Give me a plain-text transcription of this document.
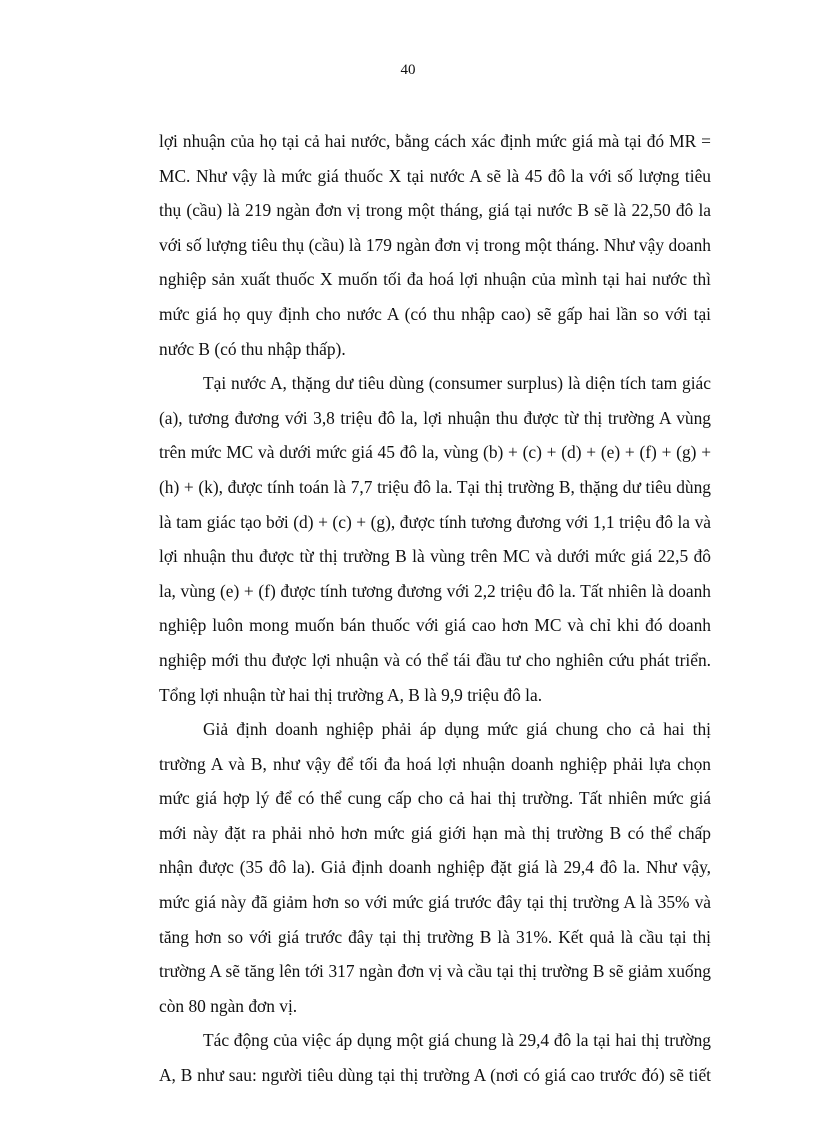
40

lợi nhuận của họ tại cả hai nước, bằng cách xác định mức giá mà tại đó MR = MC. Như vậy là mức giá thuốc X tại nước A sẽ là 45 đô la với số lượng tiêu thụ (cầu) là 219 ngàn đơn vị trong một tháng, giá tại nước B sẽ là 22,50 đô la với số lượng tiêu thụ (cầu) là 179 ngàn đơn vị trong một tháng. Như vậy doanh nghiệp sản xuất thuốc X muốn tối đa hoá lợi nhuận của mình tại hai nước thì mức giá họ quy định cho nước A (có thu nhập cao) sẽ gấp hai lần so với tại nước B (có thu nhập thấp).

Tại nước A, thặng dư tiêu dùng (consumer surplus) là diện tích tam giác (a), tương đương với 3,8 triệu đô la, lợi nhuận thu được từ thị trường A vùng trên mức MC và dưới mức giá 45 đô la, vùng (b) + (c) + (d) + (e) + (f) + (g) + (h) + (k), được tính toán là 7,7 triệu đô la. Tại thị trường B, thặng dư tiêu dùng là tam giác tạo bởi (d) + (c) + (g), được tính tương đương với 1,1 triệu đô la và lợi nhuận thu được từ thị trường B là vùng trên MC và dưới mức giá 22,5 đô la, vùng (e) + (f) được tính tương đương với 2,2 triệu đô la. Tất nhiên là doanh nghiệp luôn mong muốn bán thuốc với giá cao hơn MC và chỉ khi đó doanh nghiệp mới thu được lợi nhuận và có thể tái đầu tư cho nghiên cứu phát triển. Tổng lợi nhuận từ hai thị trường A, B là 9,9 triệu đô la.

Giả định doanh nghiệp phải áp dụng mức giá chung cho cả hai thị trường A và B, như vậy để tối đa hoá lợi nhuận doanh nghiệp phải lựa chọn mức giá hợp lý để có thể cung cấp cho cả hai thị trường. Tất nhiên mức giá mới này đặt ra phải nhỏ hơn mức giá giới hạn mà thị trường B có thể chấp nhận được (35 đô la). Giả định doanh nghiệp đặt giá là 29,4 đô la. Như vậy, mức giá này đã giảm hơn so với mức giá trước đây tại thị trường A là 35% và tăng hơn so với giá trước đây tại thị trường B là 31%. Kết quả là cầu tại thị trường A sẽ tăng lên tới 317 ngàn đơn vị và cầu tại thị trường B sẽ giảm xuống còn 80 ngàn đơn vị.

Tác động của việc áp dụng một giá chung là 29,4 đô la tại hai thị trường A, B như sau: người tiêu dùng tại thị trường A (nơi có giá cao trước đó) sẽ tiết
